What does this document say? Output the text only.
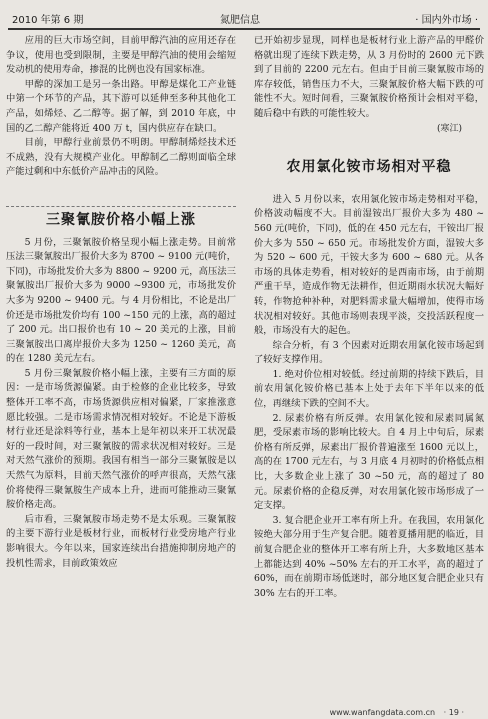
2010 年第 6 期	氮肥信息	· 国内外市场 ·

应用的巨大市场空间，目前甲醇汽油的应用还存在争议，使用也受到限制，主要是甲醇汽油的使用会缩短发动机的使用寿命，掺混的比例也没有国家标准。

甲醇的深加工是另一条出路。甲醇是煤化工产业链中第一个环节的产品，其下游可以延伸至多种其他化工产品，如烯烃、乙二醇等。据了解，到 2010 年底，中国的乙二醇产能将近 400 万 t，国内供应存在缺口。

目前，甲醇行业前景仍不明朗。甲醇制烯烃技术还不成熟，没有大规模产业化。甲醇制乙二醇则面临全球产能过剩和中东低价产品冲击的风险。

三聚氰胺价格小幅上涨

5 月份，三聚氰胺价格呈现小幅上涨走势。目前常压法三聚氰胺出厂报价大多为 8700 ~ 9100 元(吨价，下同)，市场批发价大多为 8800 ~ 9200 元，高压法三聚氰胺出厂报价大多为 9000 ~9300 元，市场批发价大多为 9200 ~ 9400 元。与 4 月份相比，不论是出厂价还是市场批发价均有 100 ~150 元的上涨，高的超过了 200 元。出口报价也有 10 ~ 20 美元的上涨，目前三聚氰胺出口离岸报价大多为 1250 ~ 1260 美元，高的在 1280 美元左右。

5 月份三聚氰胺价格小幅上涨，主要有三方面的原因：一是市场货源偏紧。由于检修的企业比较多，导致整体开工率不高，市场货源供应相对偏紧，厂家推涨意愿比较强。二是市场需求情况相对较好。不论是下游板材行业还是涂料等行业，基本上是年初以来开工状况最好的一段时间，对三聚氰胺的需求状况相对较好。三是对天然气涨价的预期。我国有相当一部分三聚氰胺是以天然气为原料，目前天然气涨价的呼声很高，天然气涨价将使得三聚氰胺生产成本上升，进而可能推动三聚氰胺价格走高。

后市看，三聚氰胺市场走势不是太乐观。三聚氰胺的主要下游行业是板材行业，而板材行业受房地产行业影响很大。今年以来，国家连续出台措施抑制房地产的投机性需求，目前政策效应

已开始初步显现，同样也是板材行业上游产品的甲醛价格就出现了连续下跌走势，从 3 月份时的 2600 元下跌到了目前的 2200 元左右。但由于目前三聚氰胺市场的库存较低，销售压力不大，三聚氰胺价格大幅下跌的可能性不大。短时间看，三聚氰胺价格预计会相对平稳，随后稳中有跌的可能性较大。

(寒江)
农用氯化铵市场相对平稳

进入 5 月份以来，农用氯化铵市场走势相对平稳，价格波动幅度不大。目前湿铵出厂报价大多为 480 ~ 560 元(吨价，下同)，低的在 450 元左右，干铵出厂报价大多为 550 ~ 650 元。市场批发价方面，湿铵大多为 520 ~ 600 元，干铵大多为 600 ~ 680 元。从各市场的具体走势看，相对较好的是西南市场，由于前期严重干旱，造成作物无法耕作，但近期雨水状况大幅好转，作物抢种补种，对肥料需求量大幅增加，使得市场状况相对较好。其他市场则表现平淡，交投活跃程度一般，市场没有大的起色。

综合分析，有 3 个因素对近期农用氯化铵市场起到了较好支撑作用。

1. 绝对价位相对较低。经过前期的持续下跌后，目前农用氯化铵价格已基本上处于去年下半年以来的低位，再继续下跌的空间不大。

2. 尿素价格有所反弹。农用氯化铵和尿素同属氮肥，受尿素市场的影响比较大。自 4 月上中旬后，尿素价格有所反弹，尿素出厂报价普遍涨至 1600 元以上，高的在 1700 元左右，与 3 月底 4 月初时的价格低点相比，大多数企业上涨了 30 ~50 元，高的超过了 80 元。尿素价格的企稳反弹，对农用氯化铵市场形成了一定支撑。

3. 复合肥企业开工率有所上升。在我国，农用氯化铵绝大部分用于生产复合肥。随着夏播用肥的临近，目前复合肥企业的整体开工率有所上升，大多数地区基本上都能达到 40% ~50% 左右的开工水平，高的超过了 60%，而在前期市场低迷时，部分地区复合肥企业只有 30% 左右的开工率。

www.wanfangdata.com.cn · 19 ·
